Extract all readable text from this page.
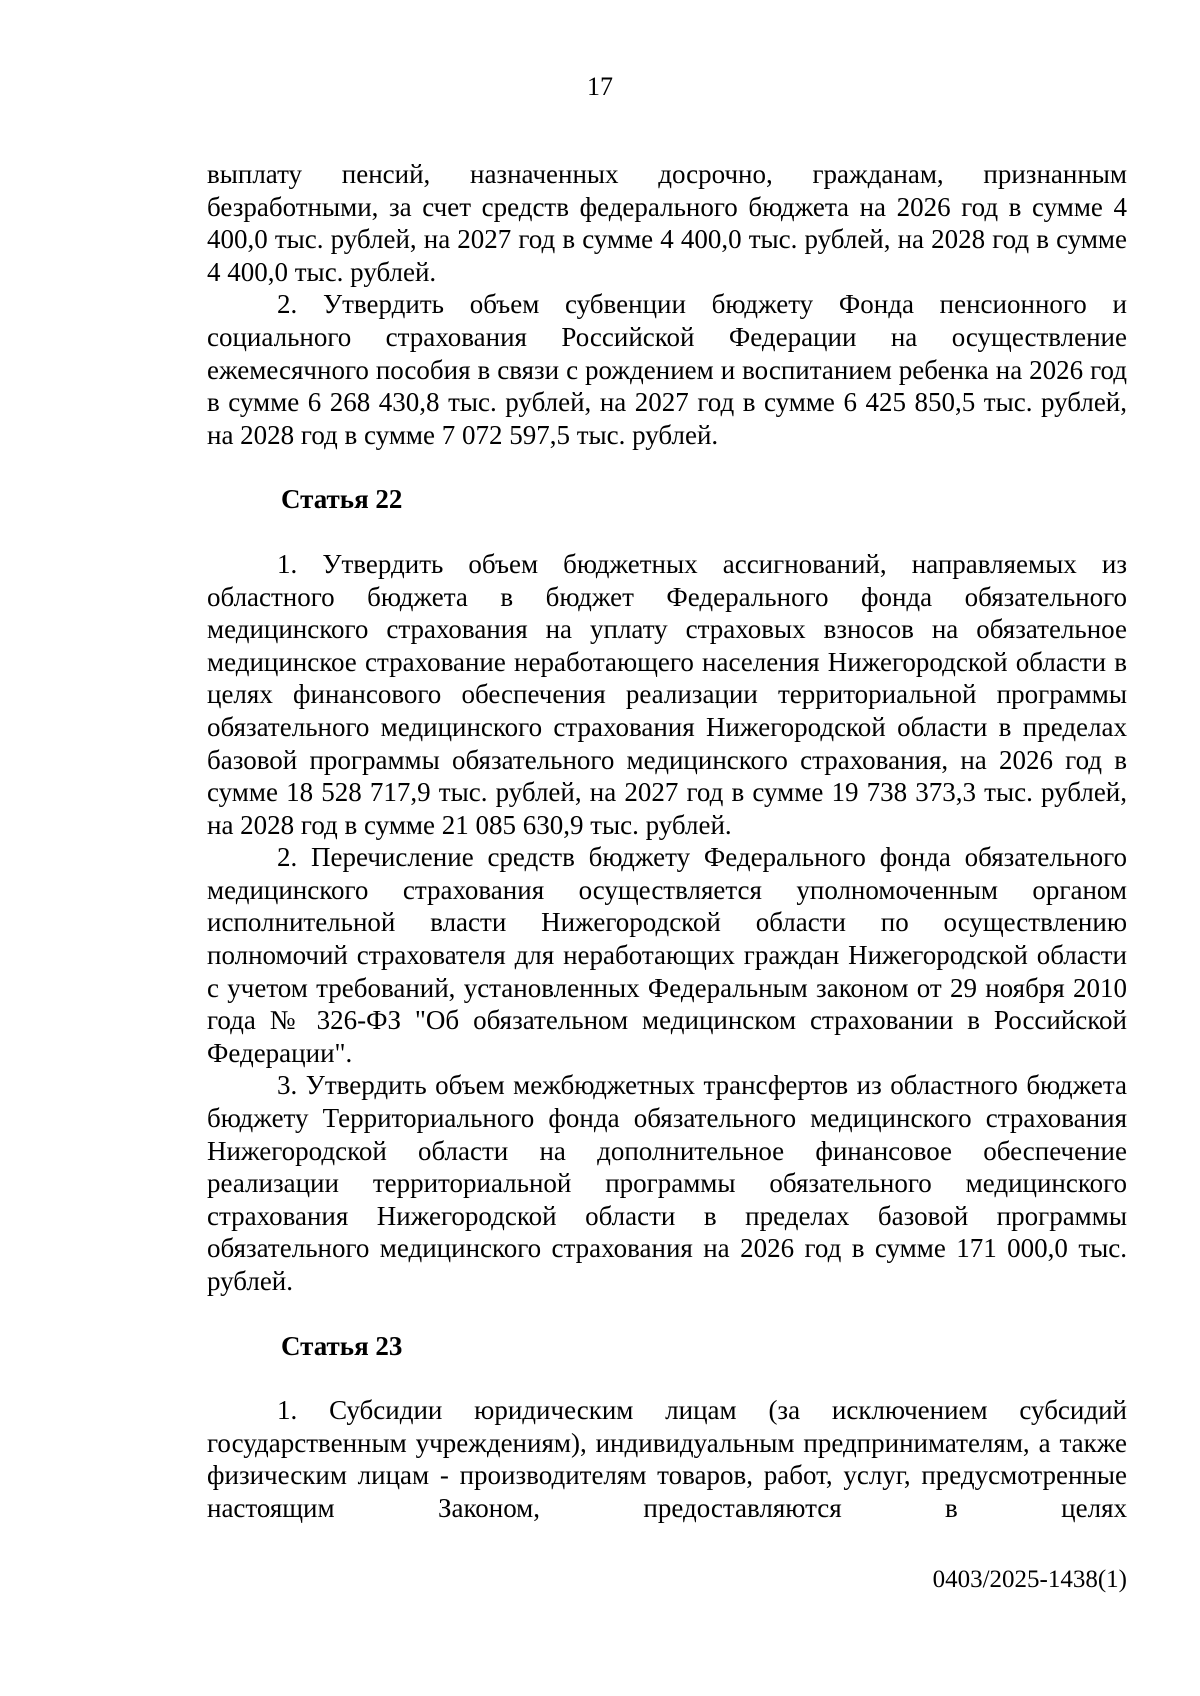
17

выплату пенсий, назначенных досрочно, гражданам, признанным безработными, за счет средств федерального бюджета на 2026 год в сумме 4 400,0 тыс. рублей, на 2027 год в сумме 4 400,0 тыс. рублей, на 2028 год в сумме 4 400,0 тыс. рублей.

2. Утвердить объем субвенции бюджету Фонда пенсионного и социального страхования Российской Федерации на осуществление ежемесячного пособия в связи с рождением и воспитанием ребенка на 2026 год в сумме 6 268 430,8 тыс. рублей, на 2027 год в сумме 6 425 850,5 тыс. рублей, на 2028 год в сумме 7 072 597,5 тыс. рублей.

Статья 22

1. Утвердить объем бюджетных ассигнований, направляемых из областного бюджета в бюджет Федерального фонда обязательного медицинского страхования на уплату страховых взносов на обязательное медицинское страхование неработающего населения Нижегородской области в целях финансового обеспечения реализации территориальной программы обязательного медицинского страхования Нижегородской области в пределах базовой программы обязательного медицинского страхования, на 2026 год в сумме 18 528 717,9 тыс. рублей, на 2027 год в сумме 19 738 373,3 тыс. рублей, на 2028 год в сумме 21 085 630,9 тыс. рублей.

2. Перечисление средств бюджету Федерального фонда обязательного медицинского страхования осуществляется уполномоченным органом исполнительной власти Нижегородской области по осуществлению полномочий страхователя для неработающих граждан Нижегородской области с учетом требований, установленных Федеральным законом от 29 ноября 2010 года № 326-ФЗ "Об обязательном медицинском страховании в Российской Федерации".

3. Утвердить объем межбюджетных трансфертов из областного бюджета бюджету Территориального фонда обязательного медицинского страхования Нижегородской области на дополнительное финансовое обеспечение реализации территориальной программы обязательного медицинского страхования Нижегородской области в пределах базовой программы обязательного медицинского страхования на 2026 год в сумме 171 000,0 тыс. рублей.

Статья 23

1. Субсидии юридическим лицам (за исключением субсидий государственным учреждениям), индивидуальным предпринимателям, а также физическим лицам - производителям товаров, работ, услуг, предусмотренные настоящим Законом, предоставляются в целях

0403/2025-1438(1)
